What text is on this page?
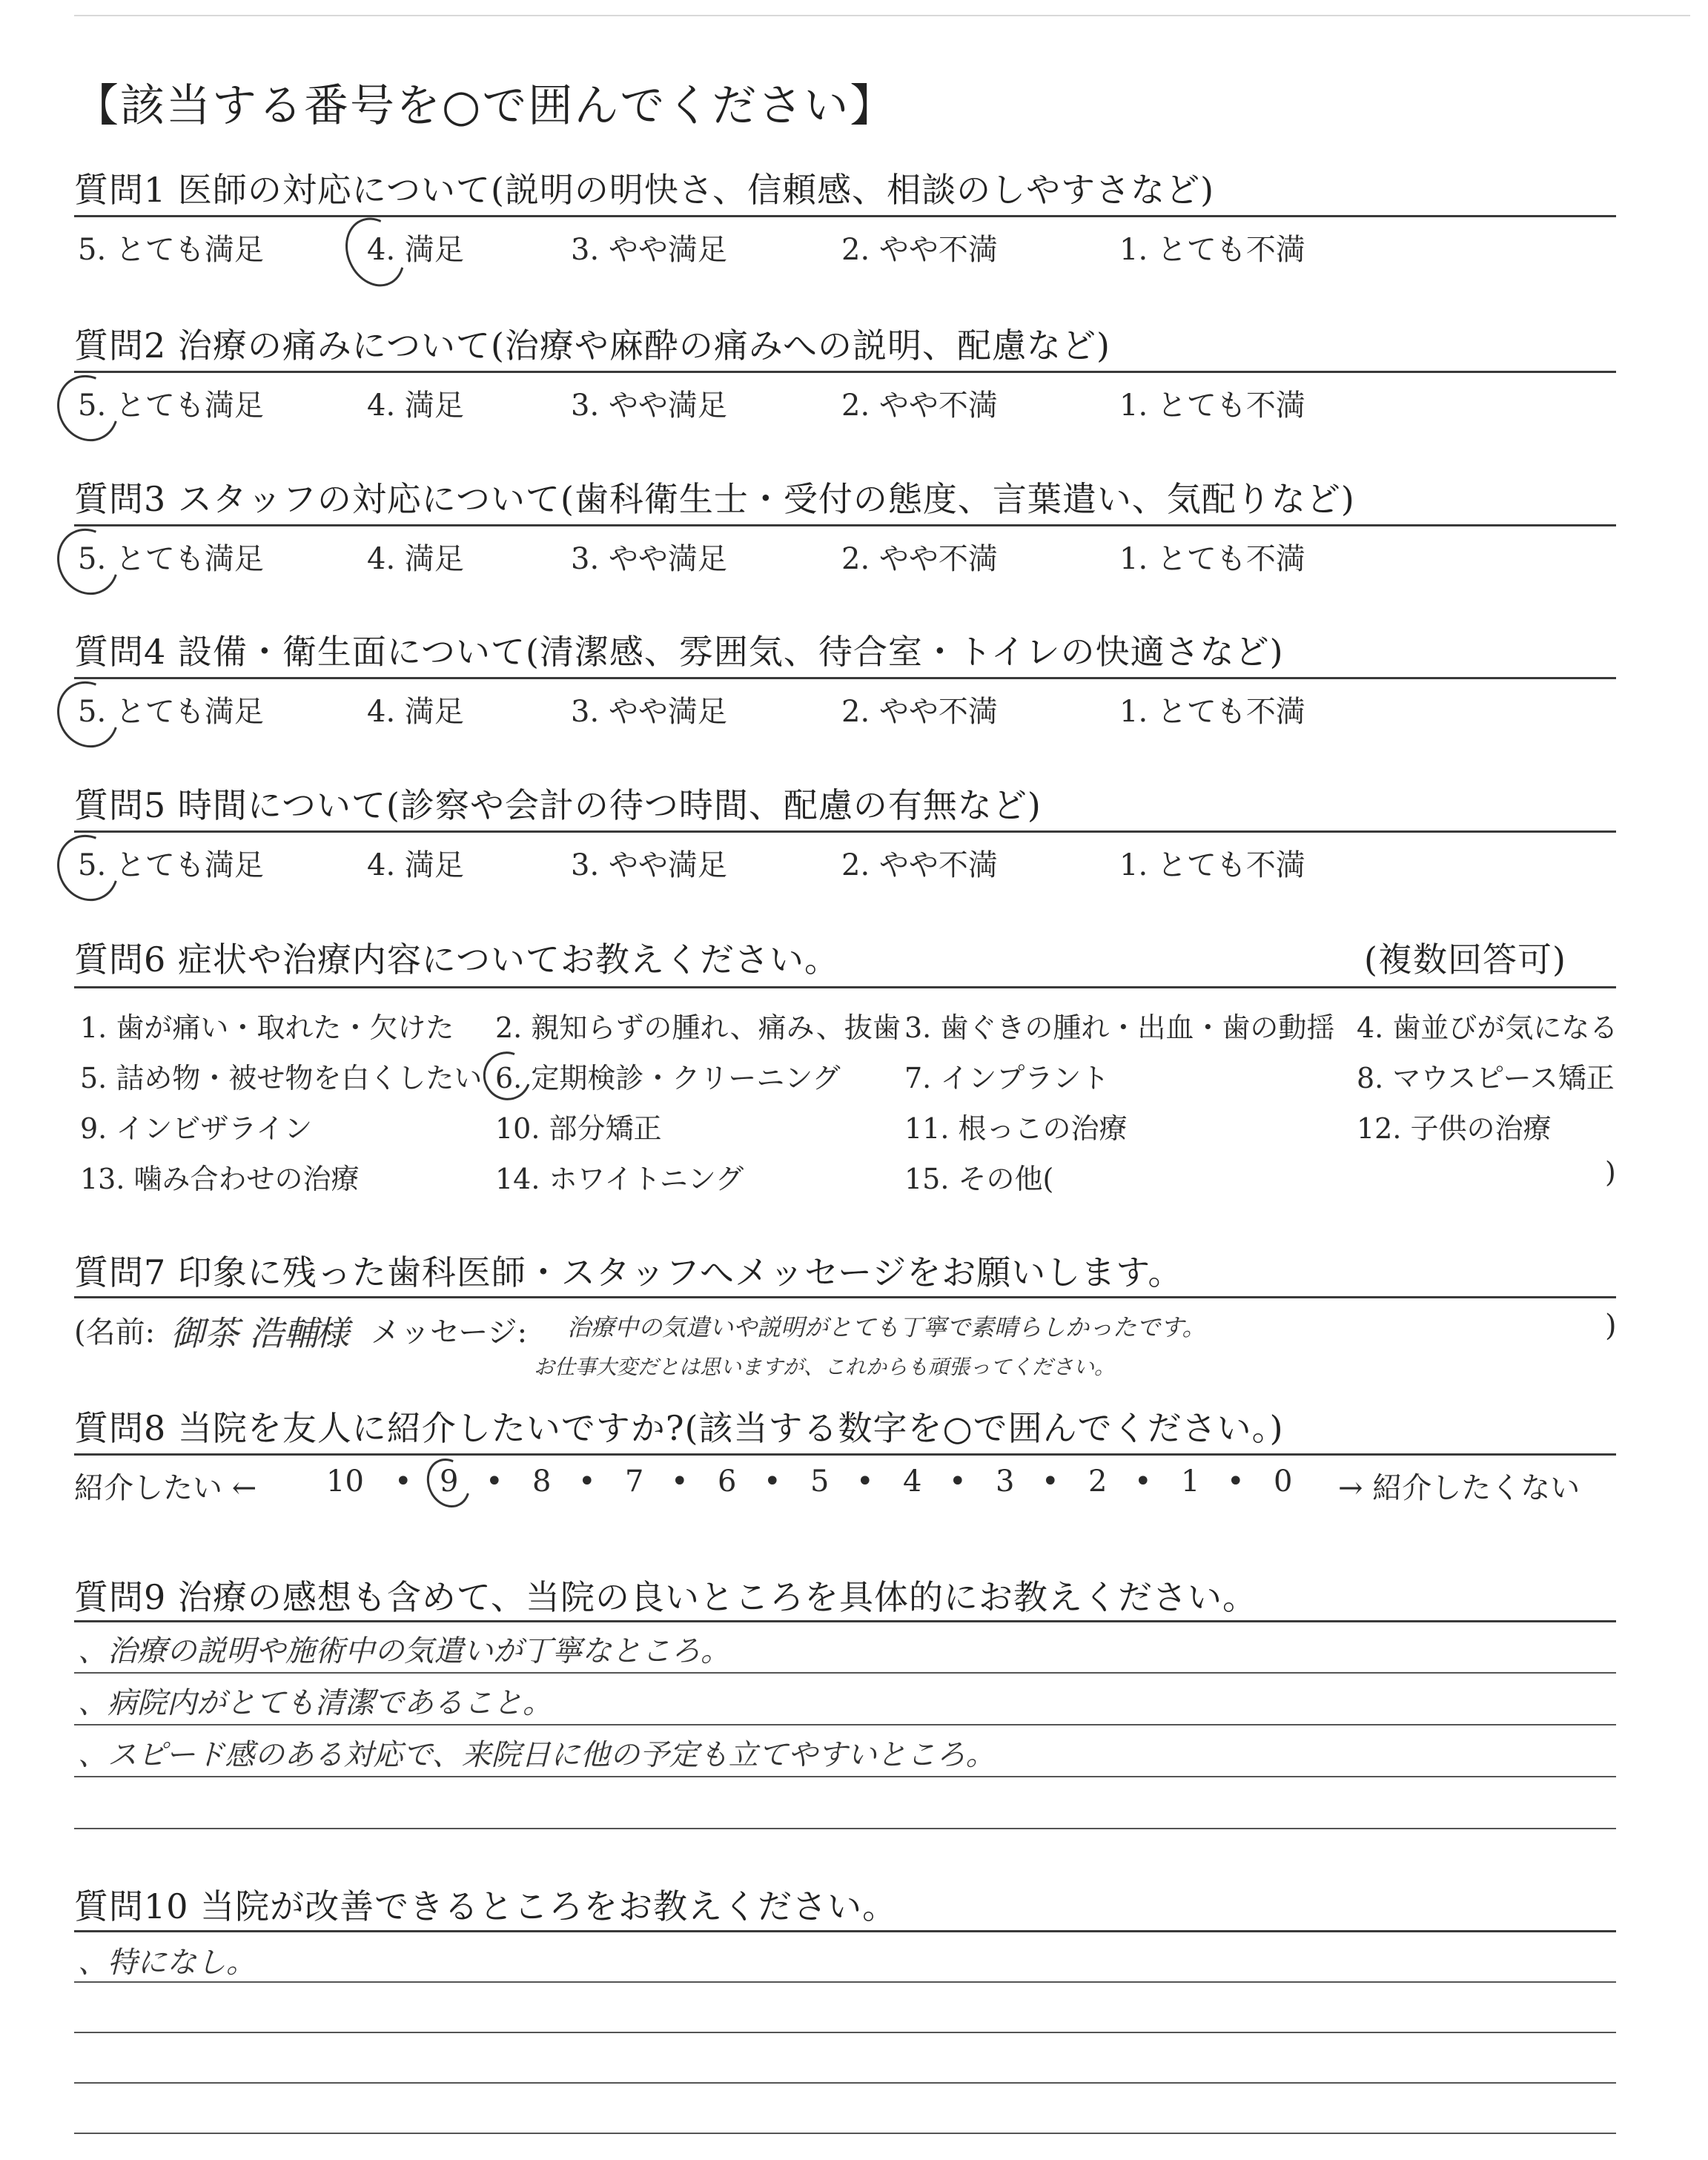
【該当する番号を○で囲んでください】
質問1 医師の対応について(説明の明快さ、信頼感、相談のしやすさなど)
5. とても満足	4. 満足	3. やや満足	2. やや不満	1. とても不満
質問2 治療の痛みについて(治療や麻酔の痛みへの説明、配慮など)
5. とても満足	4. 満足	3. やや満足	2. やや不満	1. とても不満
質問3 スタッフの対応について(歯科衛生士・受付の態度、言葉遣い、気配りなど)
5. とても満足	4. 満足	3. やや満足	2. やや不満	1. とても不満
質問4 設備・衛生面について(清潔感、雰囲気、待合室・トイレの快適さなど)
5. とても満足	4. 満足	3. やや満足	2. やや不満	1. とても不満
質問5 時間について(診察や会計の待つ時間、配慮の有無など)
5. とても満足	4. 満足	3. やや満足	2. やや不満	1. とても不満
質問6 症状や治療内容についてお教えください。	(複数回答可)
1. 歯が痛い・取れた・欠けた 2. 親知らずの腫れ、痛み、抜歯 3. 歯ぐきの腫れ・出血・歯の動揺 4. 歯並びが気になる
5. 詰め物・被せ物を白くしたい 6. 定期検診・クリーニング 7. インプラント	8. マウスピース矯正
9. インビザライン	10. 部分矯正	11. 根っこの治療	12. 子供の治療
13. 噛み合わせの治療	14. ホワイトニング	15. その他(	)
質問7 印象に残った歯科医師・スタッフへメッセージをお願いします。
(名前: 御茶 浩輔
様 メッセージ: 治療中の気遣いや説明がとても丁寧で素晴らしかったです。
お仕事大変だとは思いますが、これからも頑張ってください。
)
質問8 当院を友人に紹介したいですか?(該当する数字を○で囲んでください。)
紹介したい ←	→ 紹介したくない
10 • 9 • 8 • 7 • 6 • 5 • 4 • 3 • 2 • 1 • 0
質問9 治療の感想も含めて、当院の良いところを具体的にお教えください。
、治療の説明や施術中の気遣いが丁寧なところ。
、病院内がとても清潔であること。
、スピード感のある対応で、来院日に他の予定も立てやすいところ。
質問10 当院が改善できるところをお教えください。
、特になし。
